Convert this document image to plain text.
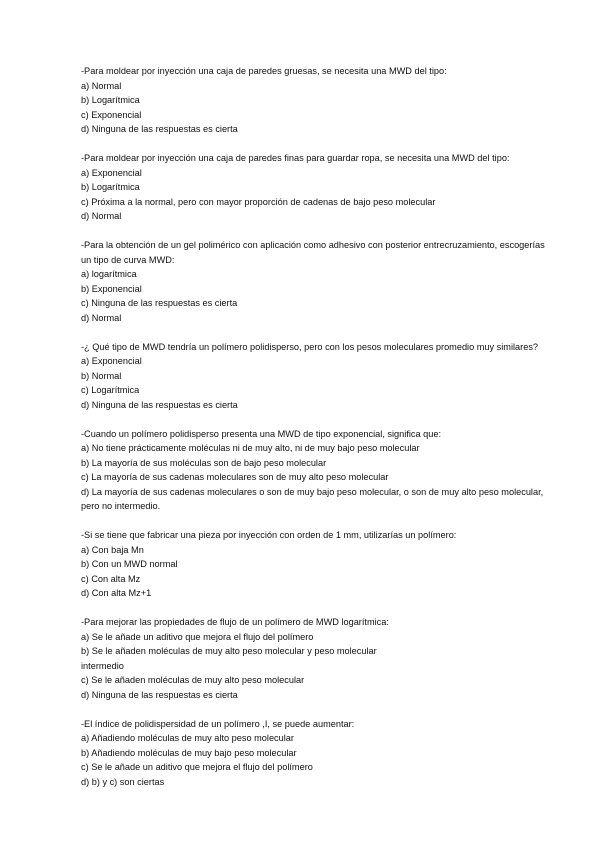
-Para moldear por inyección una caja de paredes gruesas, se necesita una MWD del tipo:

a) Normal

b) Logarítmica

c) Exponencial

d) Ninguna de las respuestas es cierta

-Para moldear por inyección una caja de paredes finas para guardar ropa, se necesita una MWD del tipo:

a) Exponencial

b) Logarítmica

c) Próxima a la normal, pero con mayor proporción de cadenas de bajo peso molecular

d) Normal

-Para la obtención de un gel polimérico con aplicación como adhesivo con posterior entrecruzamiento, escogerías un tipo de curva MWD:

a) logarítmica

b) Exponencial

c) Ninguna de las respuestas es cierta

d) Normal

-¿ Qué tipo de MWD tendría un polímero polidisperso, pero con los pesos moleculares promedio muy similares?

a) Exponencial

b) Normal

c) Logarítmica

d) Ninguna de las respuestas es cierta

-Cuando un polímero polidisperso presenta una MWD de tipo exponencial, significa que:

a) No tiene prácticamente moléculas ni de muy alto, ni de muy bajo peso molecular

b) La mayoría de sus moléculas son de bajo peso molecular

c) La mayoría de sus cadenas moleculares son de muy alto peso molecular

d) La mayoría de sus cadenas moleculares o son de muy bajo peso molecular, o son de muy alto peso molecular, pero no intermedio.

-Si se tiene que fabricar una pieza por inyección con orden de 1 mm, utilizarías un polímero:

a) Con baja Mn

b) Con un MWD normal

c) Con alta Mz

d) Con alta Mz+1

-Para mejorar las propiedades de flujo de un polímero de MWD logarítmica:

a) Se le añade un aditivo que mejora el flujo del polímero

b) Se le añaden moléculas de muy alto peso molecular y peso molecular

intermedio

c) Se le añaden moléculas de muy alto peso molecular

d) Ninguna de las respuestas es cierta

-El índice de polidispersidad de un polímero ,I, se puede aumentar:

a) Añadiendo moléculas de muy alto peso molecular

b) Añadiendo moléculas de muy bajo peso molecular

c) Se le añade un aditivo que mejora el flujo del polímero

d) b) y c) son ciertas
